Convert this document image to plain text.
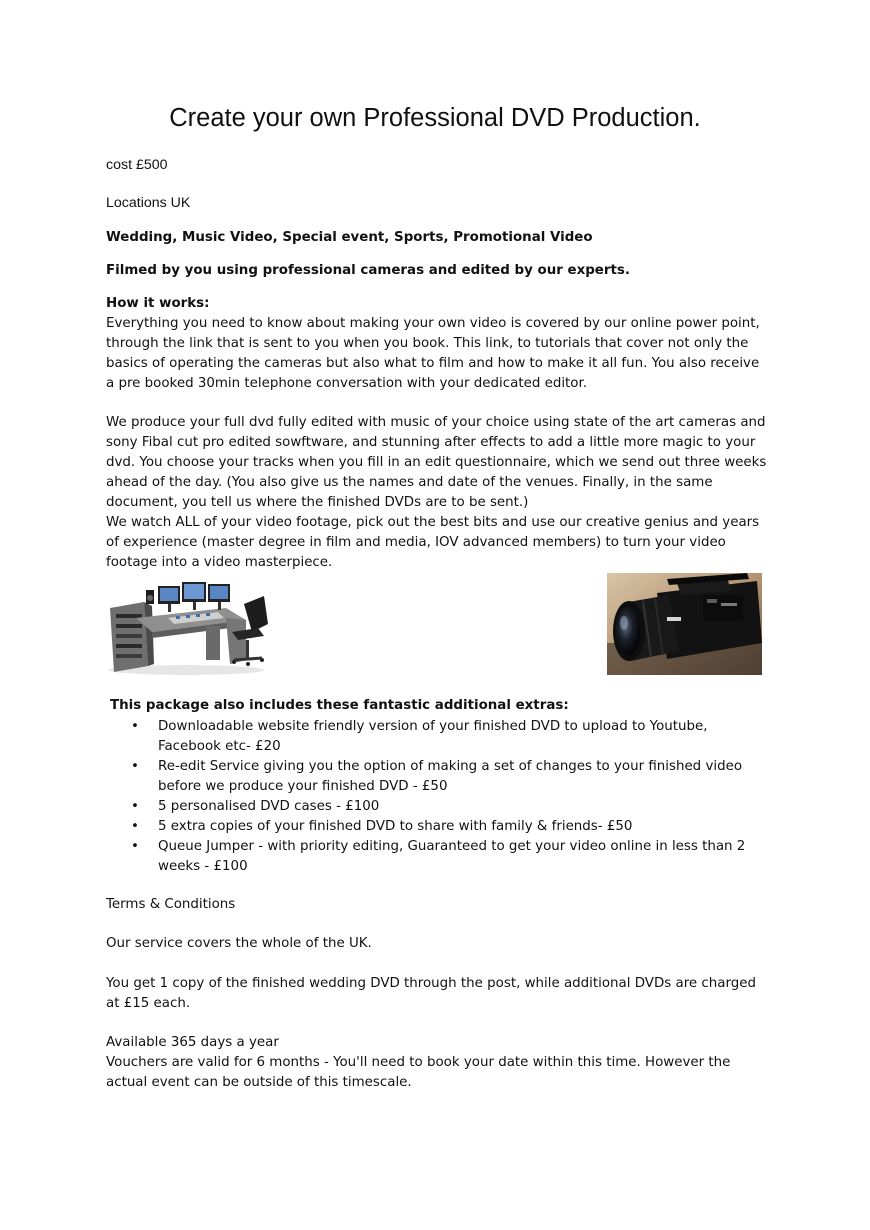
Create your own Professional DVD Production.

cost £500

Locations UK

Wedding, Music Video, Special event, Sports, Promotional Video

Filmed by you using professional cameras and edited by our experts.

How it works:

Everything you need to know about making your own video is covered by our online power point,
through the link that is sent to you when you book. This link, to tutorials that cover not only the
basics of operating the cameras but also what to film and how to make it all fun. You also receive
a pre booked 30min telephone conversation with your dedicated editor.
We produce your full dvd fully edited with music of your choice using state of the art cameras and
sony Fibal cut pro edited sowftware, and stunning after effects to add a little more magic to your
dvd. You choose your tracks when you fill in an edit questionnaire, which we send out three weeks
ahead of the day. (You also give us the names and date of the venues. Finally, in the same
document, you tell us where the finished DVDs are to be sent.)
We watch ALL of your video footage, pick out the best bits and use our creative genius and years
of experience (master degree in film and media, IOV advanced members) to turn your video
footage into a video masterpiece.

This package also includes these fantastic additional extras:

• Downloadable website friendly version of your finished DVD to upload to Youtube,
Facebook etc- £20
• Re-edit Service giving you the option of making a set of changes to your finished video
before we produce your finished DVD - £50
• 5 personalised DVD cases - £100
• 5 extra copies of your finished DVD to share with family & friends- £50
• Queue Jumper - with priority editing, Guaranteed to get your video online in less than 2
weeks - £100

Terms & Conditions

Our service covers the whole of the UK.

You get 1 copy of the finished wedding DVD through the post, while additional DVDs are charged
at £15 each.
Available 365 days a year
Vouchers are valid for 6 months - You'll need to book your date within this time. However the
actual event can be outside of this timescale.
